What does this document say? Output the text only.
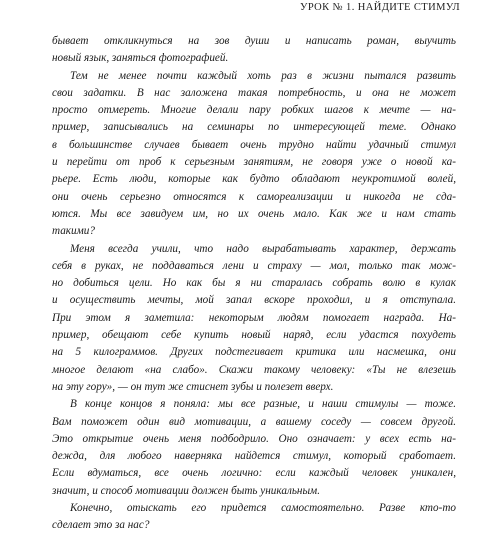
УРОК № 1. НАЙДИТЕ СТИМУЛ
бывает откликнуться на зов души и написать роман, выучить
новый язык, заняться фотографией.
Тем не менее почти каждый хоть раз в жизни пытался развить
свои задатки. В нас заложена такая потребность, и она не может
просто отмереть. Многие делали пару робких шагов к мечте — на-
пример, записывались на семинары по интересующей теме. Однако
в большинстве случаев бывает очень трудно найти удачный стимул
и перейти от проб к серьезным занятиям, не говоря уже о новой ка-
рьере. Есть люди, которые как будто обладают неукротимой волей,
они очень серьезно относятся к самореализации и никогда не сда-
ются. Мы все завидуем им, но их очень мало. Как же и нам стать
такими?
Меня всегда учили, что надо вырабатывать характер, держать
себя в руках, не поддаваться лени и страху — мол, только так мож-
но добиться цели. Но как бы я ни старалась собрать волю в кулак
и осуществить мечты, мой запал вскоре проходил, и я отступала.
При этом я заметила: некоторым людям помогает награда. На-
пример, обещают себе купить новый наряд, если удастся похудеть
на 5 килограммов. Других подстегивает критика или насмешка, они
многое делают «на слабо». Скажи такому человеку: «Ты не влезешь
на эту гору», — он тут же стиснет зубы и полезет вверх.
В конце концов я поняла: мы все разные, и наши стимулы — тоже.
Вам поможет один вид мотивации, а вашему соседу — совсем другой.
Это открытие очень меня подбодрило. Оно означает: у всех есть на-
дежда, для любого наверняка найдется стимул, который сработает.
Если вдуматься, все очень логично: если каждый человек уникален,
значит, и способ мотивации должен быть уникальным.
Конечно, отыскать его придется самостоятельно. Разве кто-то
сделает это за нас?
